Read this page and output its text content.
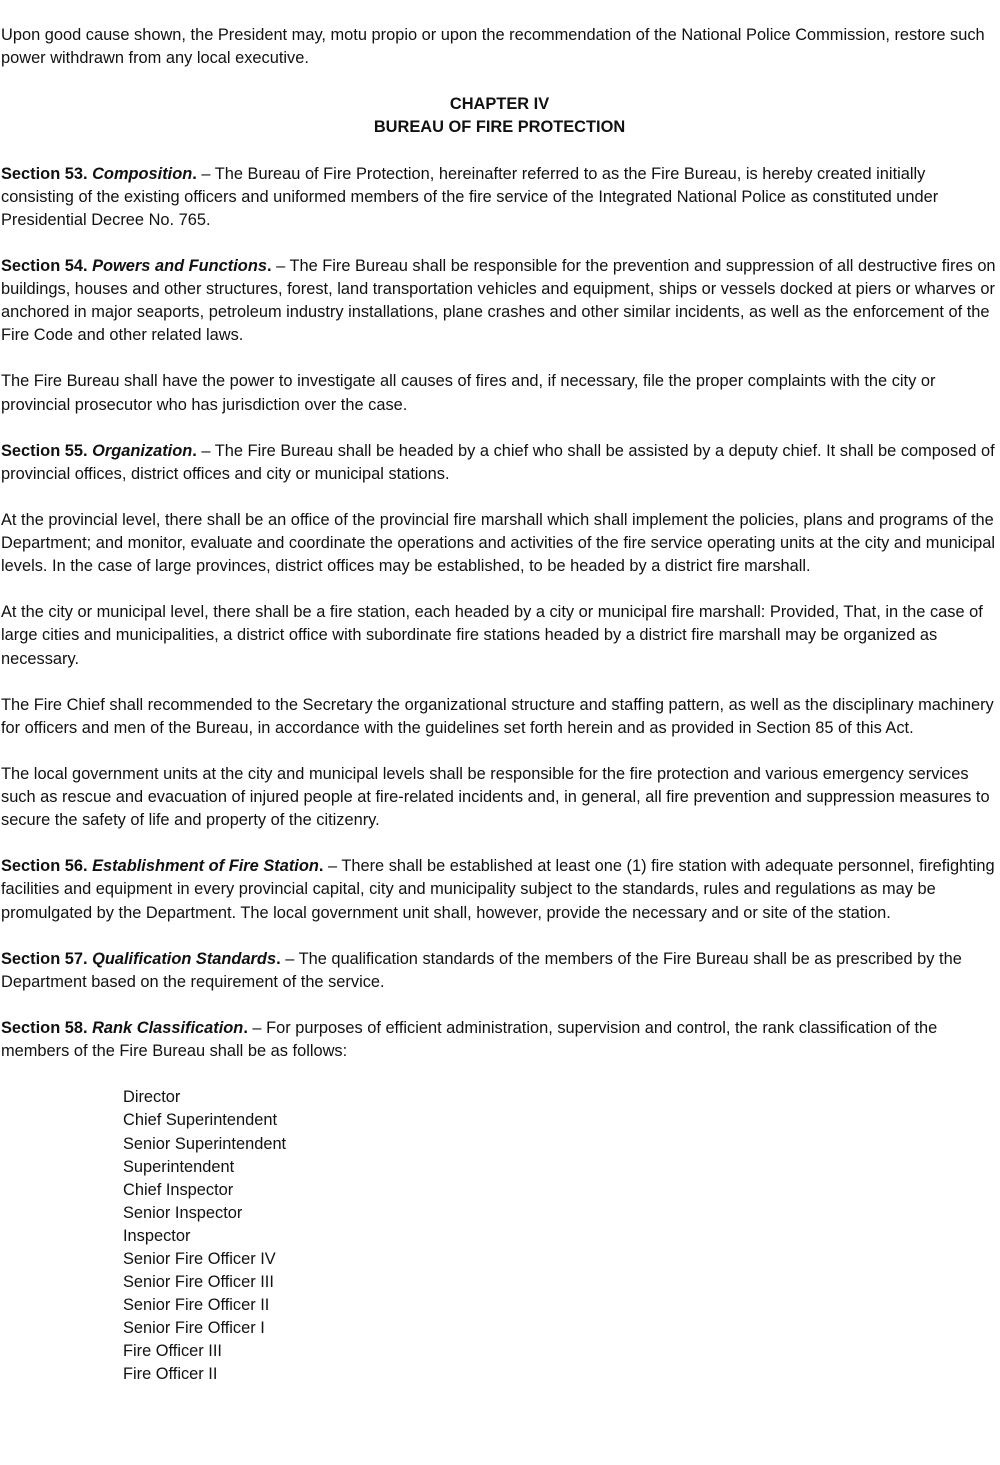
Upon good cause shown, the President may, motu propio or upon the recommendation of the National Police Commission, restore such power withdrawn from any local executive.

CHAPTER IV
BUREAU OF FIRE PROTECTION

Section 53. Composition. – The Bureau of Fire Protection, hereinafter referred to as the Fire Bureau, is hereby created initially consisting of the existing officers and uniformed members of the fire service of the Integrated National Police as constituted under Presidential Decree No. 765.

Section 54. Powers and Functions. – The Fire Bureau shall be responsible for the prevention and suppression of all destructive fires on buildings, houses and other structures, forest, land transportation vehicles and equipment, ships or vessels docked at piers or wharves or anchored in major seaports, petroleum industry installations, plane crashes and other similar incidents, as well as the enforcement of the Fire Code and other related laws.

The Fire Bureau shall have the power to investigate all causes of fires and, if necessary, file the proper complaints with the city or provincial prosecutor who has jurisdiction over the case.

Section 55. Organization. – The Fire Bureau shall be headed by a chief who shall be assisted by a deputy chief. It shall be composed of provincial offices, district offices and city or municipal stations.

At the provincial level, there shall be an office of the provincial fire marshall which shall implement the policies, plans and programs of the Department; and monitor, evaluate and coordinate the operations and activities of the fire service operating units at the city and municipal levels. In the case of large provinces, district offices may be established, to be headed by a district fire marshall.

At the city or municipal level, there shall be a fire station, each headed by a city or municipal fire marshall: Provided, That, in the case of large cities and municipalities, a district office with subordinate fire stations headed by a district fire marshall may be organized as necessary.

The Fire Chief shall recommended to the Secretary the organizational structure and staffing pattern, as well as the disciplinary machinery for officers and men of the Bureau, in accordance with the guidelines set forth herein and as provided in Section 85 of this Act.

The local government units at the city and municipal levels shall be responsible for the fire protection and various emergency services such as rescue and evacuation of injured people at fire-related incidents and, in general, all fire prevention and suppression measures to secure the safety of life and property of the citizenry.

Section 56. Establishment of Fire Station. – There shall be established at least one (1) fire station with adequate personnel, firefighting facilities and equipment in every provincial capital, city and municipality subject to the standards, rules and regulations as may be promulgated by the Department. The local government unit shall, however, provide the necessary and or site of the station.

Section 57. Qualification Standards. – The qualification standards of the members of the Fire Bureau shall be as prescribed by the Department based on the requirement of the service.

Section 58. Rank Classification. – For purposes of efficient administration, supervision and control, the rank classification of the members of the Fire Bureau shall be as follows:

Director
Chief Superintendent
Senior Superintendent
Superintendent
Chief Inspector
Senior Inspector
Inspector
Senior Fire Officer IV
Senior Fire Officer III
Senior Fire Officer II
Senior Fire Officer I
Fire Officer III
Fire Officer II
